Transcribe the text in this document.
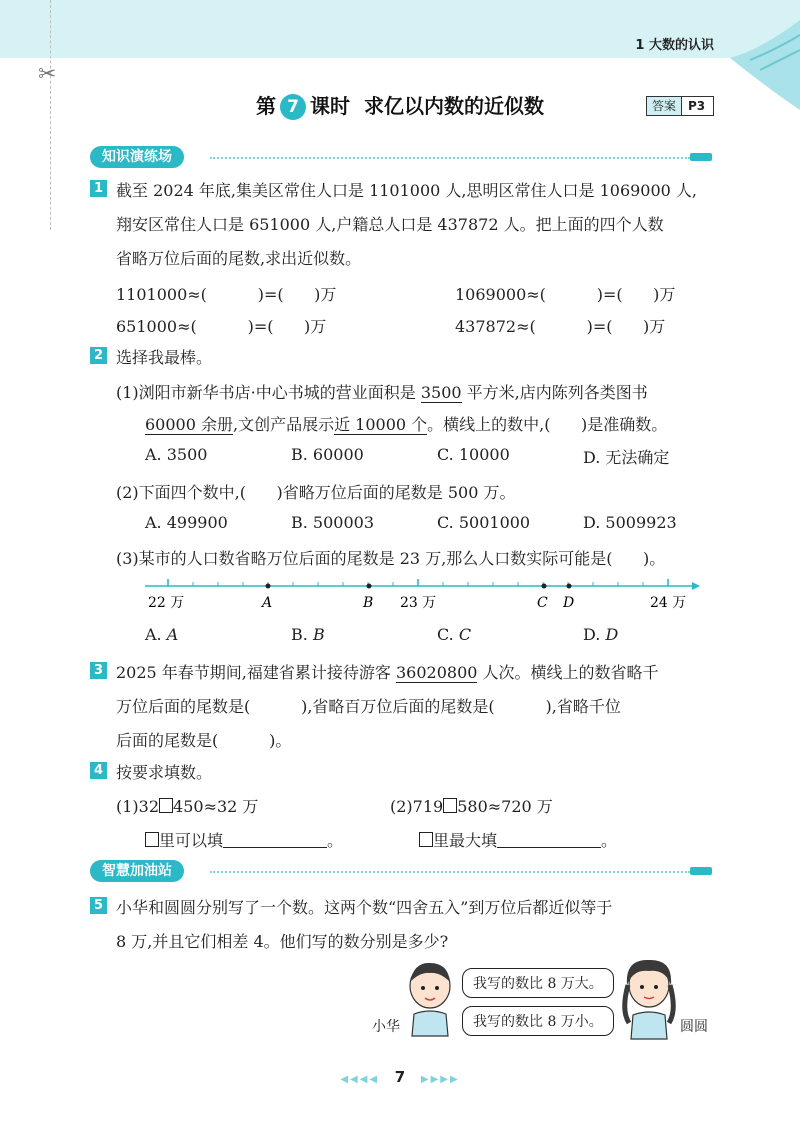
✂
1 大数的认识
第 7 课时  求亿以内数的近似数	答案 P3
知识演练场
1 截至 2024 年底,集美区常住人口是 1101000 人,思明区常住人口是 1069000 人,
翔安区常住人口是 651000 人,户籍总人口是 437872 人。把上面的四个人数
省略万位后面的尾数,求出近似数。
1101000≈(          )=(      )万	1069000≈(          )=(      )万
651000≈(          )=(      )万	437872≈(          )=(      )万
2 选择我最棒。
(1)浏阳市新华书店·中心书城的营业面积是 3500 平方米,店内陈列各类图书
60000 余册,文创产品展示近 10000 个。横线上的数中,(      )是准确数。
A. 3500	B. 60000	C. 10000	D. 无法确定
(2)下面四个数中,(      )省略万位后面的尾数是 500 万。
A. 499900	B. 500003	C. 5001000	D. 5009923
(3)某市的人口数省略万位后面的尾数是 23 万,那么人口数实际可能是(      )。
22 万	23 万	24 万
A	B	C D
A. A	B. B	C. C	D. D
3 2025 年春节期间,福建省累计接待游客 36020800 人次。横线上的数省略千
万位后面的尾数是(          ),省略百万位后面的尾数是(          ),省略千位
后面的尾数是(          )。
4 按要求填数。
(1)32 450≈32 万	(2)719 580≈720 万
里可以填	。	里最大填	。
智慧加油站
5 小华和圆圆分别写了一个数。这两个数“四舍五入”到万位后都近似等于
8 万,并且它们相差 4。他们写的数分别是多少?
我写的数比 8 万大。
我写的数比 8 万小。
小华	圆圆
◀◀◀◀ 7 ▶▶▶▶
